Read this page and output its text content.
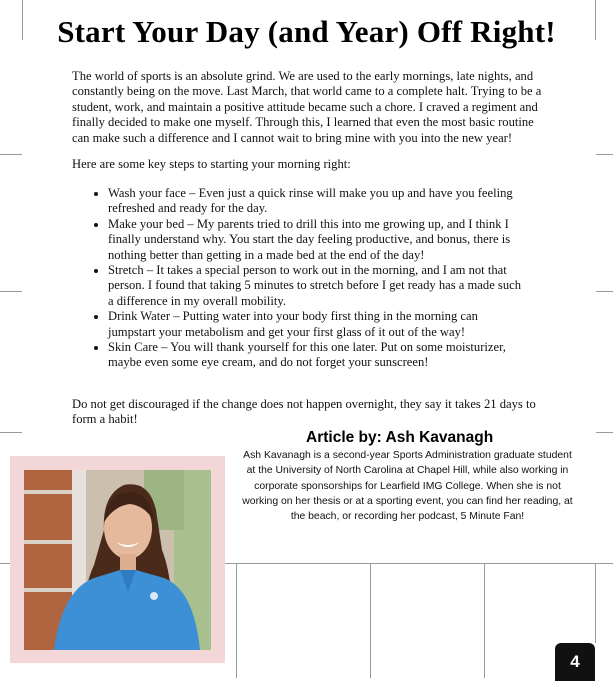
Start Your Day (and Year) Off Right!

The world of sports is an absolute grind. We are used to the early mornings, late nights, and constantly being on the move. Last March, that world came to a complete halt. Trying to be a student, work, and maintain a positive attitude became such a chore. I craved a regiment and finally decided to make one myself. Through this, I learned that even the most basic routine can make such a difference and I cannot wait to bring mine with you into the new year!

Here are some key steps to starting your morning right:

• Wash your face – Even just a quick rinse will make you up and have you feeling refreshed and ready for the day.
• Make your bed – My parents tried to drill this into me growing up, and I think I finally understand why. You start the day feeling productive, and bonus, there is nothing better than getting in a made bed at the end of the day!
• Stretch – It takes a special person to work out in the morning, and I am not that person. I found that taking 5 minutes to stretch before I get ready has a made such a difference in my overall mobility.
• Drink Water – Putting water into your body first thing in the morning can jumpstart your metabolism and get your first glass of it out of the way!
• Skin Care – You will thank yourself for this one later. Put on some moisturizer, maybe even some eye cream, and do not forget your sunscreen!

Do not get discouraged if the change does not happen overnight, they say it takes 21 days to form a habit!

Article by: Ash Kavanagh
Ash Kavanagh is a second-year Sports Administration graduate student at the University of North Carolina at Chapel Hill, while also working in corporate sponsorships for Learfield IMG College. When she is not working on her thesis or at a sporting event, you can find her reading, at the beach, or recording her podcast, 5 Minute Fan!
4
